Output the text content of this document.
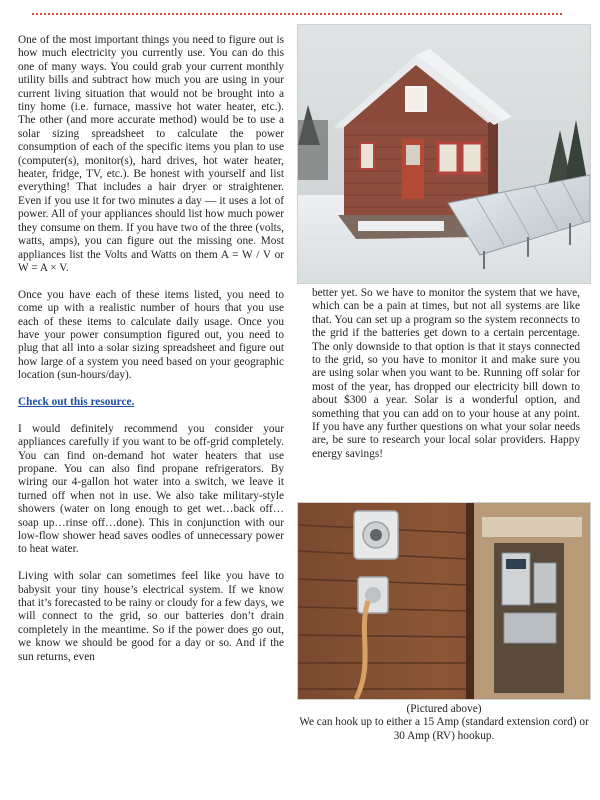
One of the most important things you need to figure out is how much electricity you currently use. You can do this one of many ways. You could grab your current monthly utility bills and subtract how much you are using in your current living situation that would not be brought into a tiny home (i.e. furnace, massive hot water heater, etc.). The other (and more accurate method) would be to use a solar sizing spreadsheet to calculate the power consumption of each of the specific items you plan to use (computer(s), monitor(s), hard drives, hot water heater, heater, fridge, TV, etc.). Be honest with yourself and list everything! That includes a hair dryer or straightener. Even if you use it for two minutes a day — it uses a lot of power. All of your appliances should list how much power they consume on them. If you have two of the three (volts, watts, amps), you can figure out the missing one. Most appliances list the Volts and Watts on them A = W / V or W = A × V.

Once you have each of these items listed, you need to come up with a realistic number of hours that you use each of these items to calculate daily usage. Once you have your power consumption figured out, you need to plug that all into a solar sizing spreadsheet and figure out how large of a system you need based on your geographic location (sun-hours/day).

Check out this resource.

I would definitely recommend you consider your appliances carefully if you want to be off-grid completely. You can find on-demand hot water heaters that use propane. You can also find propane refrigerators. By wiring our 4-gallon hot water into a switch, we leave it turned off when not in use. We also take military-style showers (water on long enough to get wet…back off…soap up…rinse off…done). This in conjunction with our low-flow shower head saves oodles of unnecessary power to heat water.

Living with solar can sometimes feel like you have to babysit your tiny house’s electrical system. If we know that it’s forecasted to be rainy or cloudy for a few days, we will connect to the grid, so our batteries don’t drain completely in the meantime. So if the power does go out, we know we should be good for a day or so. And if the sun returns, even

better yet. So we have to monitor the system that we have, which can be a pain at times, but not all systems are like that. You can set up a program so the system reconnects to the grid if the batteries get down to a certain percentage. The only downside to that option is that it stays connected to the grid, so you have to monitor it and make sure you are using solar when you want to be. Running off solar for most of the year, has dropped our electricity bill down to about $300 a year. Solar is a wonderful option, and something that you can add on to your house at any point. If you have any further questions on what your solar needs are, be sure to research your local solar providers. Happy energy savings!

(Pictured above)
We can hook up to either a 15 Amp (standard extension cord) or 30 Amp (RV) hookup.
